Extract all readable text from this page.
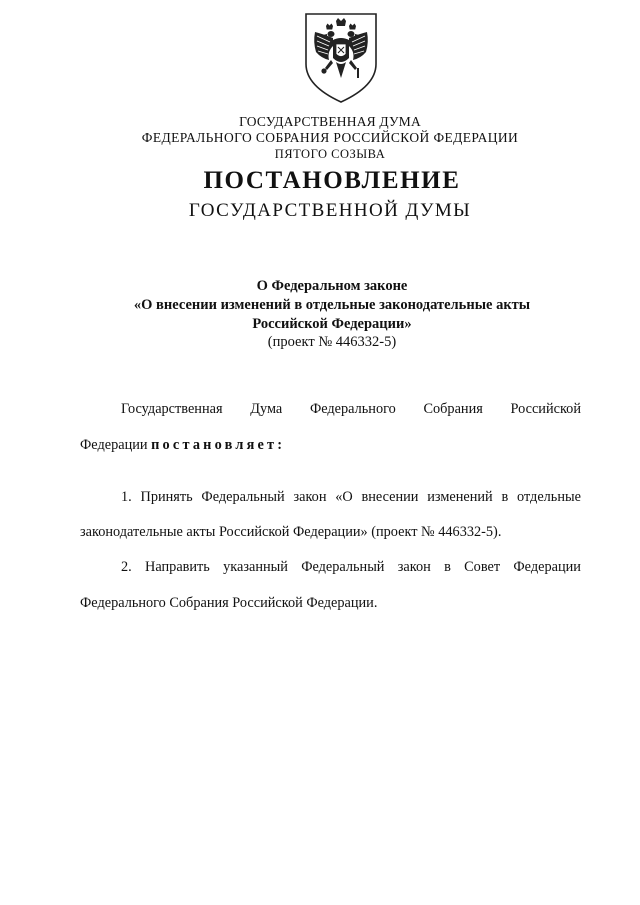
ГОСУДАРСТВЕННАЯ ДУМА
ФЕДЕРАЛЬНОГО СОБРАНИЯ РОССИЙСКОЙ ФЕДЕРАЦИИ
ПЯТОГО СОЗЫВА
ПОСТАНОВЛЕНИЕ
ГОСУДАРСТВЕННОЙ ДУМЫ
О Федеральном законе
«О внесении изменений в отдельные законодательные акты
Российской Федерации»
(проект № 446332-5)
Государственная Дума Федерального Собрания Российской
Федерации постановляет:
1. Принять Федеральный закон «О внесении изменений в отдельные
законодательные акты Российской Федерации» (проект № 446332-5).
2. Направить указанный Федеральный закон в Совет Федерации
Федерального Собрания Российской Федерации.
